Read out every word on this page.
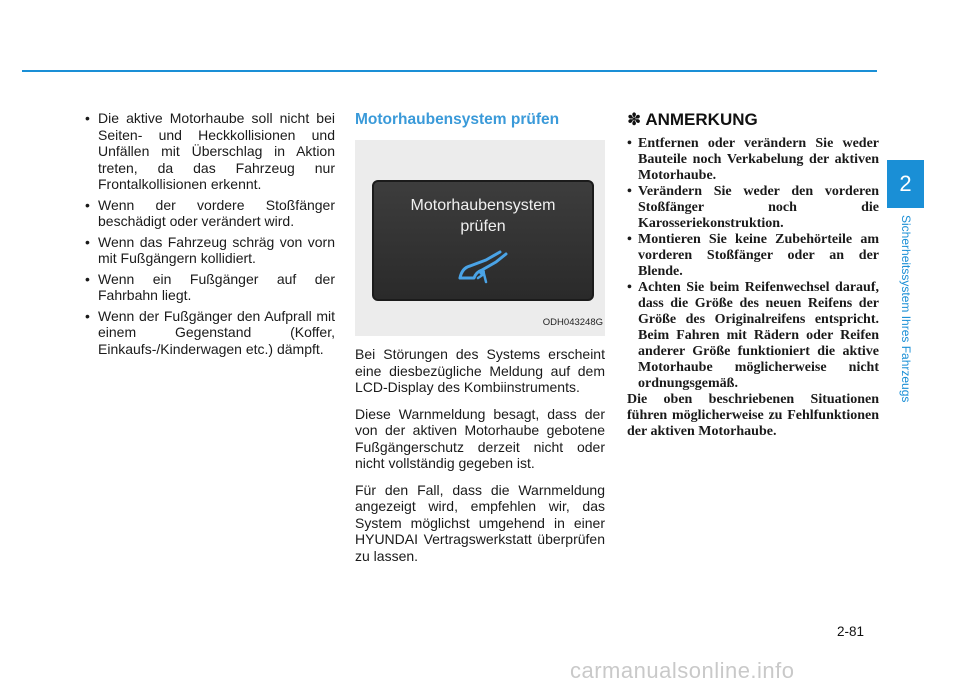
• Die aktive Motorhaube soll nicht bei Seiten- und Heckkollisionen und Unfällen mit Überschlag in Aktion treten, da das Fahrzeug nur Frontalkollisionen erkennt.
• Wenn der vordere Stoßfänger beschädigt oder verändert wird.
• Wenn das Fahrzeug schräg von vorn mit Fußgängern kollidiert.
• Wenn ein Fußgänger auf der Fahrbahn liegt.
• Wenn der Fußgänger den Aufprall mit einem Gegenstand (Koffer, Einkaufs-/Kinderwagen etc.) dämpft.
Motorhaubensystem prüfen
Motorhaubensystem
prüfen
ODH043248G

Bei Störungen des Systems erscheint eine diesbezügliche Meldung auf dem LCD-Display des Kombiinstruments.

Diese Warnmeldung besagt, dass der von der aktiven Motorhaube gebotene Fußgängerschutz derzeit nicht oder nicht vollständig gegeben ist.

Für den Fall, dass die Warnmeldung angezeigt wird, empfehlen wir, das System möglichst umgehend in einer HYUNDAI Vertragswerkstatt überprüfen zu lassen.

✽ ANMERKUNG
• Entfernen oder verändern Sie weder Bauteile noch Verkabelung der aktiven Motorhaube.
• Verändern Sie weder den vorderen Stoßfänger noch die Karosseriekonstruktion.
• Montieren Sie keine Zubehörteile am vorderen Stoßfänger oder an der Blende.
• Achten Sie beim Reifenwechsel darauf, dass die Größe des neuen Reifens der Größe des Originalreifens entspricht. Beim Fahren mit Rädern oder Reifen anderer Größe funktioniert die aktive Motorhaube möglicherweise nicht ordnungsgemäß.

Die oben beschriebenen Situationen führen möglicherweise zu Fehlfunktionen der aktiven Motorhaube.

2
Sicherheitssystem Ihres Fahrzeugs
2-81
carmanualsonline.info
